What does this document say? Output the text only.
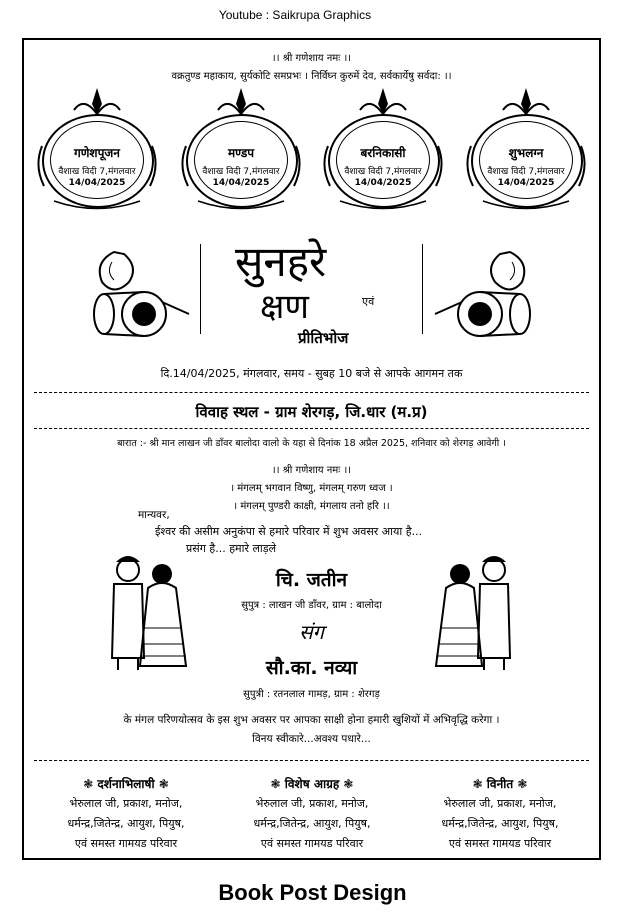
Youtube : Saikrupa Graphics
।। श्री गणेशाय नमः ।।
वक्रतुण्ड महाकाय, सुर्यकोटि समप्रभः । निर्विघ्न कुरुमें देव, सर्वकार्येषु सर्वदा: ।।
गणेशपूजन
वैशाख विदी 7,मंगलवार
14/04/2025
मण्डप
वैशाख विदी 7,मंगलवार
14/04/2025
बरनिकासी
वैशाख विदी 7,मंगलवार
14/04/2025
शुभलग्न
वैशाख विदी 7,मंगलवार
14/04/2025
सुनहरे
क्षण	एवं
प्रीतिभोज
दि.14/04/2025, मंगलवार, समय - सुबह 10 बजे से आपके आगमन तक
विवाह स्थल - ग्राम शेरगड़, जि.धार (म.प्र)
बारात :- श्री मान लाखन जी डाँवर बालोदा वालो के यहा से दिनांक 18 अप्रैल 2025, शनिवार को शेरगड़ आवेगी ।
।। श्री गणेशाय नमः ।।
। मंगलम् भगवान विष्णु, मंगलम् गरुण ध्वज ।
। मंगलम् पुण्डरी काक्षी, मंगलाय तनो हरि ।।
मान्यवर,
ईश्वर की असीम अनुकंपा से हमारे परिवार में शुभ अवसर आया है...
प्रसंग है... हमारे लाड़ले
चि. जतीन
सुपुत्र : लाखन जी डाँवर, ग्राम : बालोदा
संग
सौ.का. नव्या
सुपुत्री : रतनलाल गामड़, ग्राम : शेरगड़
के मंगल परिणयोत्सव के इस शुभ अवसर पर आपका साक्षी होना हमारी खुशियों में अभिवृद्धि करेगा ।
विनय स्वीकारे...अवश्य पधारे...
❃ दर्शनाभिलाषी ❃
भेरुलाल जी, प्रकाश, मनोज,
धर्मन्द्र,जितेन्द्र, आयुश, पियुष,
एवं समस्त गामयड परिवार
❃ विशेष आग्रह ❃
भेरुलाल जी, प्रकाश, मनोज,
धर्मन्द्र,जितेन्द्र, आयुश, पियुष,
एवं समस्त गामयड परिवार
❃ विनीत ❃
भेरुलाल जी, प्रकाश, मनोज,
धर्मन्द्र,जितेन्द्र, आयुश, पियुष,
एवं समस्त गामयड परिवार
Book Post Design
